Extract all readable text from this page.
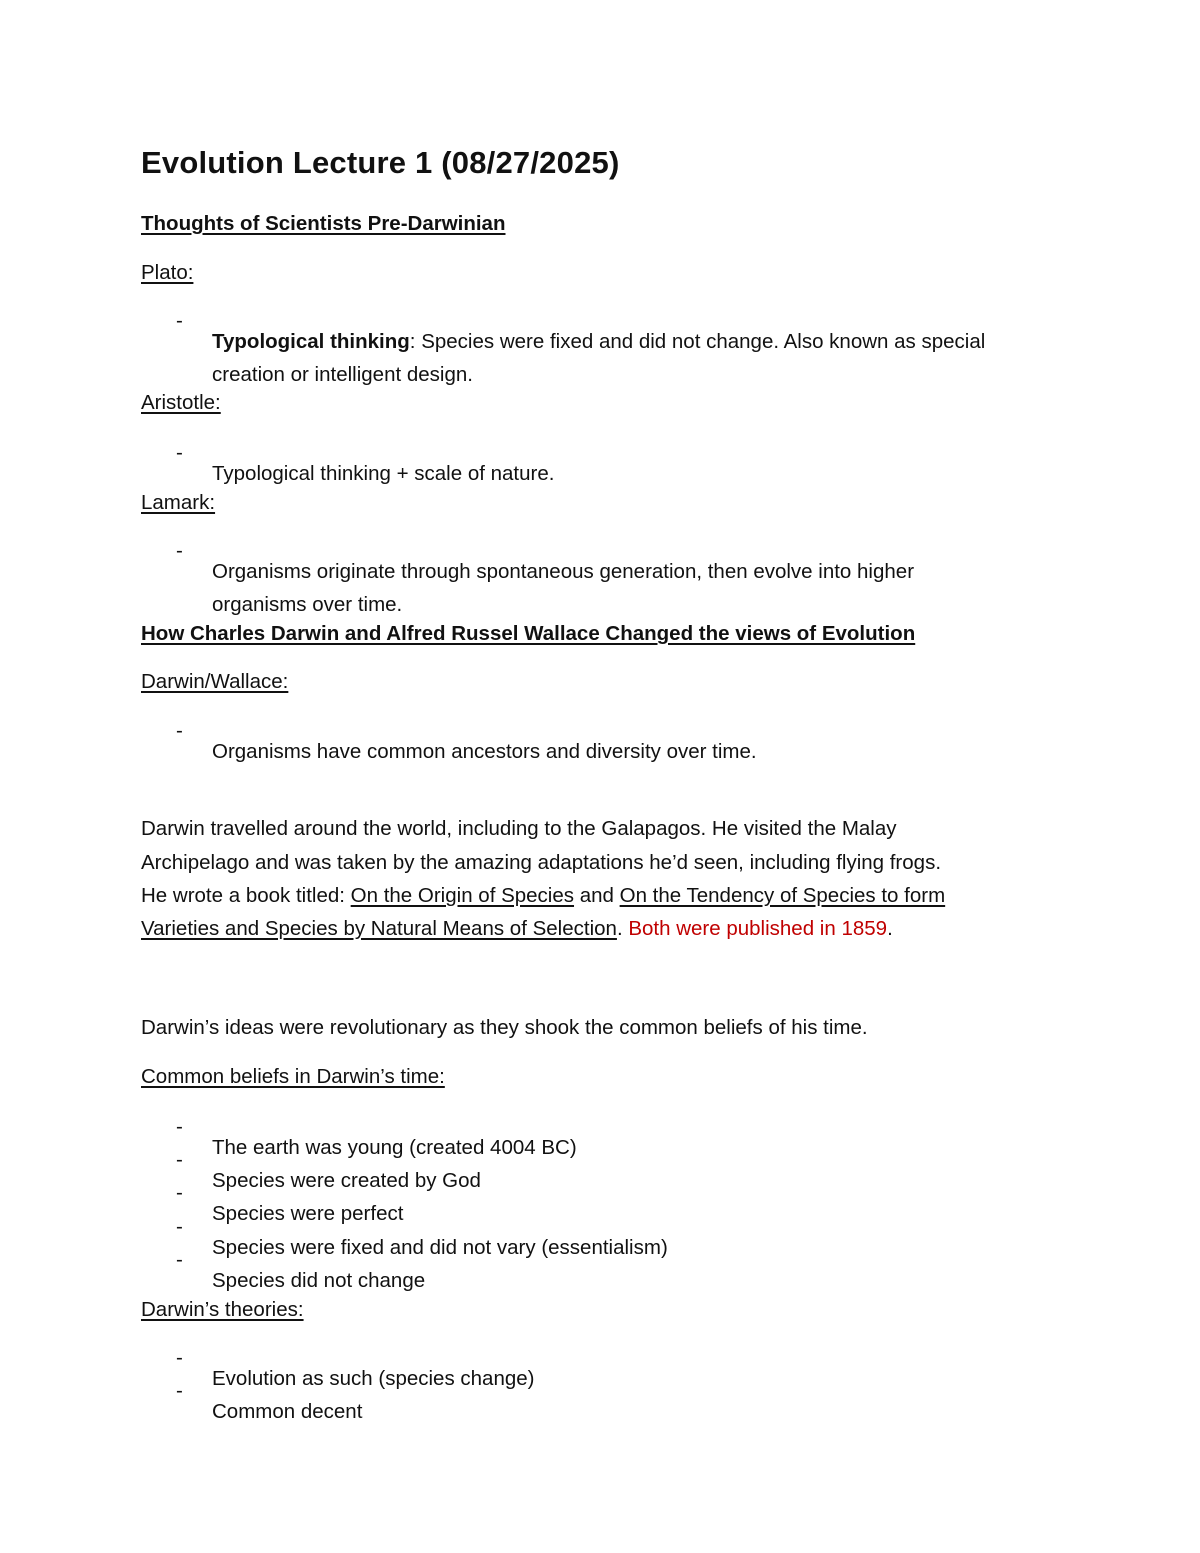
Evolution Lecture 1 (08/27/2025)

Thoughts of Scientists Pre-Darwinian

Plato:

-

Typological thinking: Species were fixed and did not change. Also known as special

creation or intelligent design.

Aristotle:

-

Typological thinking + scale of nature.

Lamark:

-

Organisms originate through spontaneous generation, then evolve into higher

organisms over time.

How Charles Darwin and Alfred Russel Wallace Changed the views of Evolution

Darwin/Wallace:

-

Organisms have common ancestors and diversity over time.

Darwin travelled around the world, including to the Galapagos. He visited the Malay

Archipelago and was taken by the amazing adaptations he’d seen, including flying frogs.

He wrote a book titled: On the Origin of Species and On the Tendency of Species to form

Varieties and Species by Natural Means of Selection. Both were published in 1859.

Darwin’s ideas were revolutionary as they shook the common beliefs of his time.

Common beliefs in Darwin’s time:

-

The earth was young (created 4004 BC)

-

Species were created by God

-

Species were perfect

-

Species were fixed and did not vary (essentialism)

-

Species did not change

Darwin’s theories:

-

Evolution as such (species change)

-

Common decent
